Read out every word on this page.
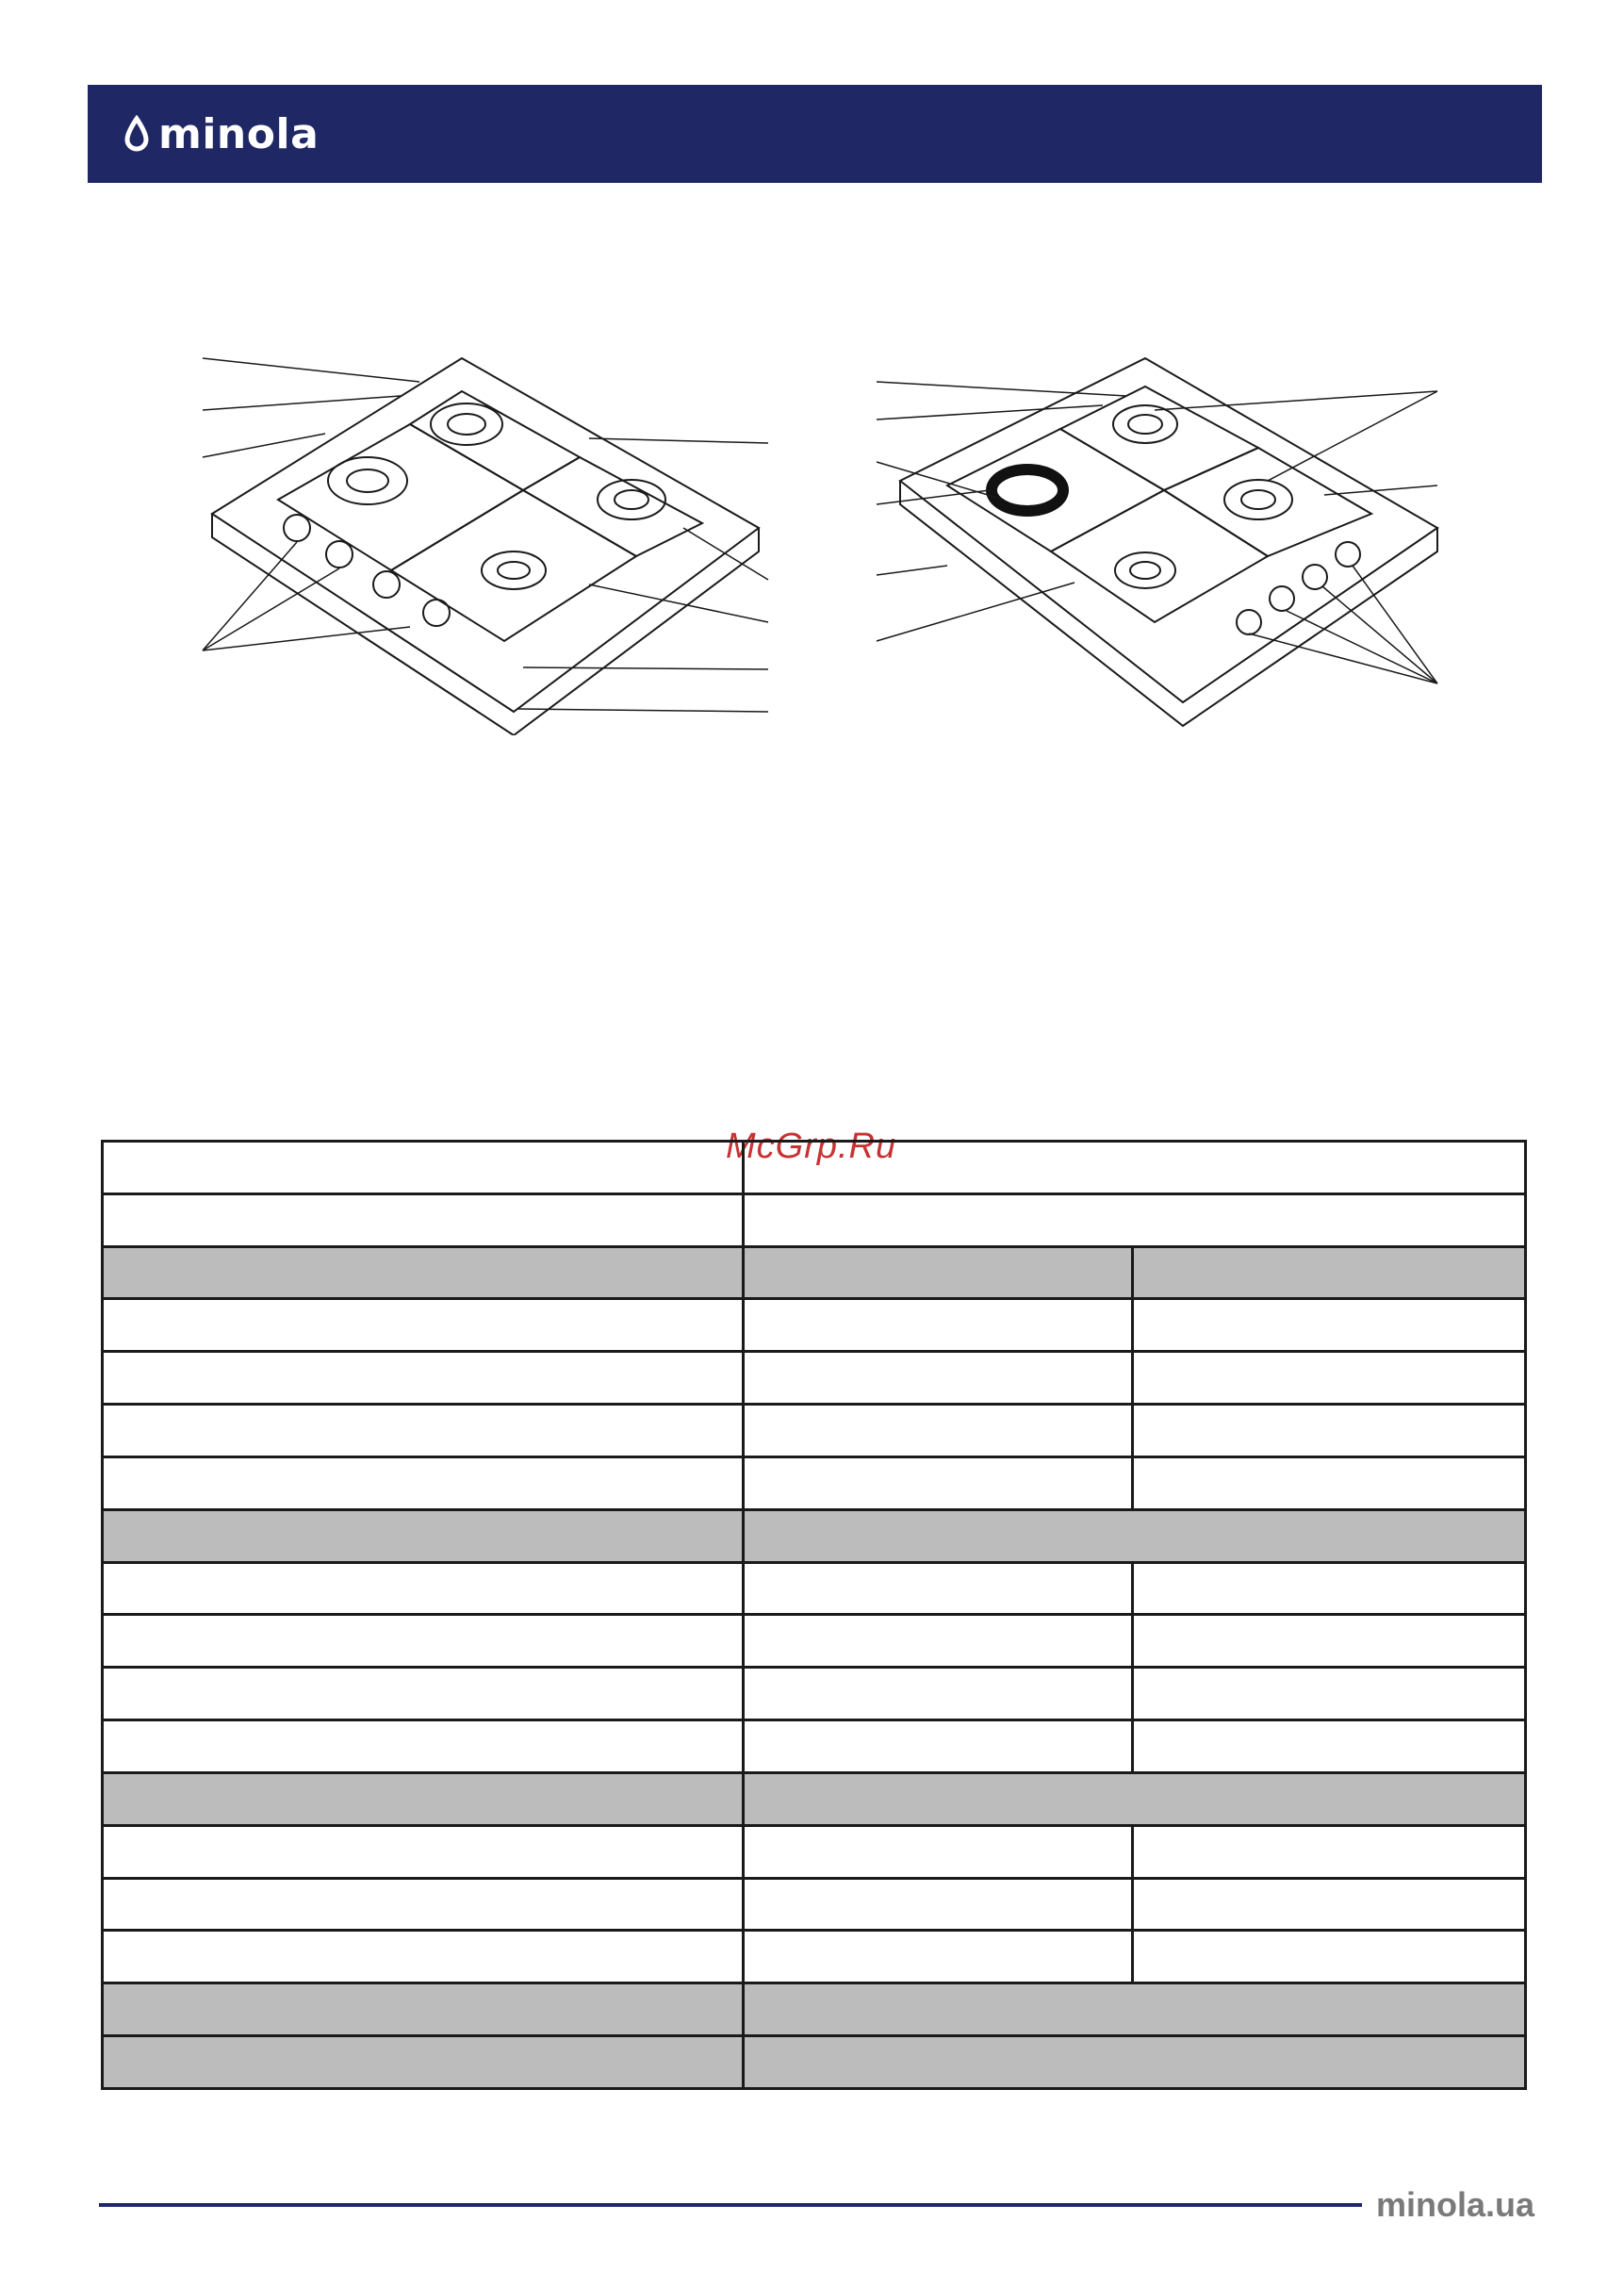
minola
McGrp.Ru

minola.ua
